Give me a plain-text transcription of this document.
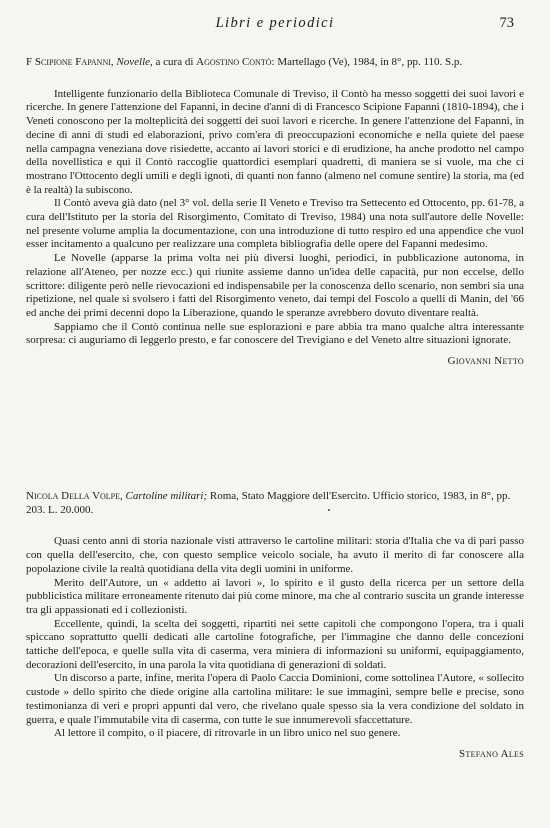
Libri e periodici	73

F Scipione Fapanni, Novelle, a cura di Agostino Contò: Martellago (Ve), 1984, in 8°, pp. 110. S.p.

Intelligente funzionario della Biblioteca Comunale di Treviso, il Contò ha messo soggetti dei suoi lavori e ricerche. In genere l'attenzione del Fapanni, in decine d'anni di di Francesco Scipione Fapanni (1810-1894), che i Veneti conoscono per la molteplicità dei soggetti dei suoi lavori e ricerche. In genere l'attenzione del Fapanni, in decine di anni di studi ed elaborazioni, privo com'era di preoccupazioni economiche e nella quiete del paese nella campagna veneziana dove risiedette, accanto ai lavori storici e di erudizione, ha anche prodotto nel campo della novellistica e qui il Contò raccoglie quattordici esemplari quadretti, di maniera se si vuole, ma che ci mostrano l'Ottocento degli umili e degli ignoti, di quanti non fanno (almeno nel comune sentire) la storia, ma (ed è la realtà) la subiscono.

Il Contò aveva già dato (nel 3° vol. della serie Il Veneto e Treviso tra Settecento ed Ottocento, pp. 61-78, a cura dell'Istituto per la storia del Risorgimento, Comitato di Treviso, 1984) una nota sull'autore delle Novelle: nel presente volume amplia la documentazione, con una introduzione di tutto respiro ed una appendice che vuol esser incitamento a qualcuno per realizzare una completa bibliografia delle opere del Fapanni medesimo.

Le Novelle (apparse la prima volta nei più diversi luoghi, periodici, in pubblicazione autonoma, in relazione all'Ateneo, per nozze ecc.) qui riunite assieme danno un'idea delle capacità, pur non eccelse, dello scrittore: diligente però nelle rievocazioni ed indispensabile per la conoscenza dello scenario, non sembri sia una ripetizione, nel quale si svolsero i fatti del Risorgimento veneto, dai tempi del Foscolo a quelli di Manin, del '66 ed anche dei primi decenni dopo la Liberazione, quando le speranze avrebbero dovuto diventare realtà.

Sappiamo che il Contò continua nelle sue esplorazioni e pare abbia tra mano qualche altra interessante sorpresa: ci auguriamo di leggerlo presto, e far conoscere del Trevigiano e del Veneto altre situazioni ignorate.

Giovanni Netto

Nicola Della Volpe, Cartoline militari; Roma, Stato Maggiore dell'Esercito. Ufficio storico, 1983, in 8°, pp. 203. L. 20.000.

Quasi cento anni di storia nazionale visti attraverso le cartoline militari: storia d'Italia che va di pari passo con quella dell'esercito, che, con questo semplice veicolo sociale, ha avuto il merito di far conoscere alla popolazione civile la realtà quotidiana della vita degli uomini in uniforme.

Merito dell'Autore, un « addetto ai lavori », lo spirito e il gusto della ricerca per un settore della pubblicistica militare erroneamente ritenuto dai più come minore, ma che al contrario suscita un grande interesse tra gli appassionati ed i collezionisti.

Eccellente, quindi, la scelta dei soggetti, ripartiti nei sette capitoli che compongono l'opera, tra i quali spiccano soprattutto quelli dedicati alle cartoline fotografiche, per l'immagine che danno delle concezioni tattiche dell'epoca, e quelle sulla vita di caserma, vera miniera di informazioni su uniformi, equipaggiamento, decorazioni dell'esercito, in una parola la vita quotidiana di generazioni di soldati.

Un discorso a parte, infine, merita l'opera di Paolo Caccia Dominioni, come sottolinea l'Autore, « sollecito custode » dello spirito che diede origine alla cartolina militare: le sue immagini, sempre belle e precise, sono testimonianza di veri e propri appunti dal vero, che rivelano quale spesso sia la vera condizione del soldato in guerra, e quale l'immutabile vita di caserma, con tutte le sue innumerevoli sfaccettature.

Al lettore il compito, o il piacere, di ritrovarle in un libro unico nel suo genere.

Stefano Ales
